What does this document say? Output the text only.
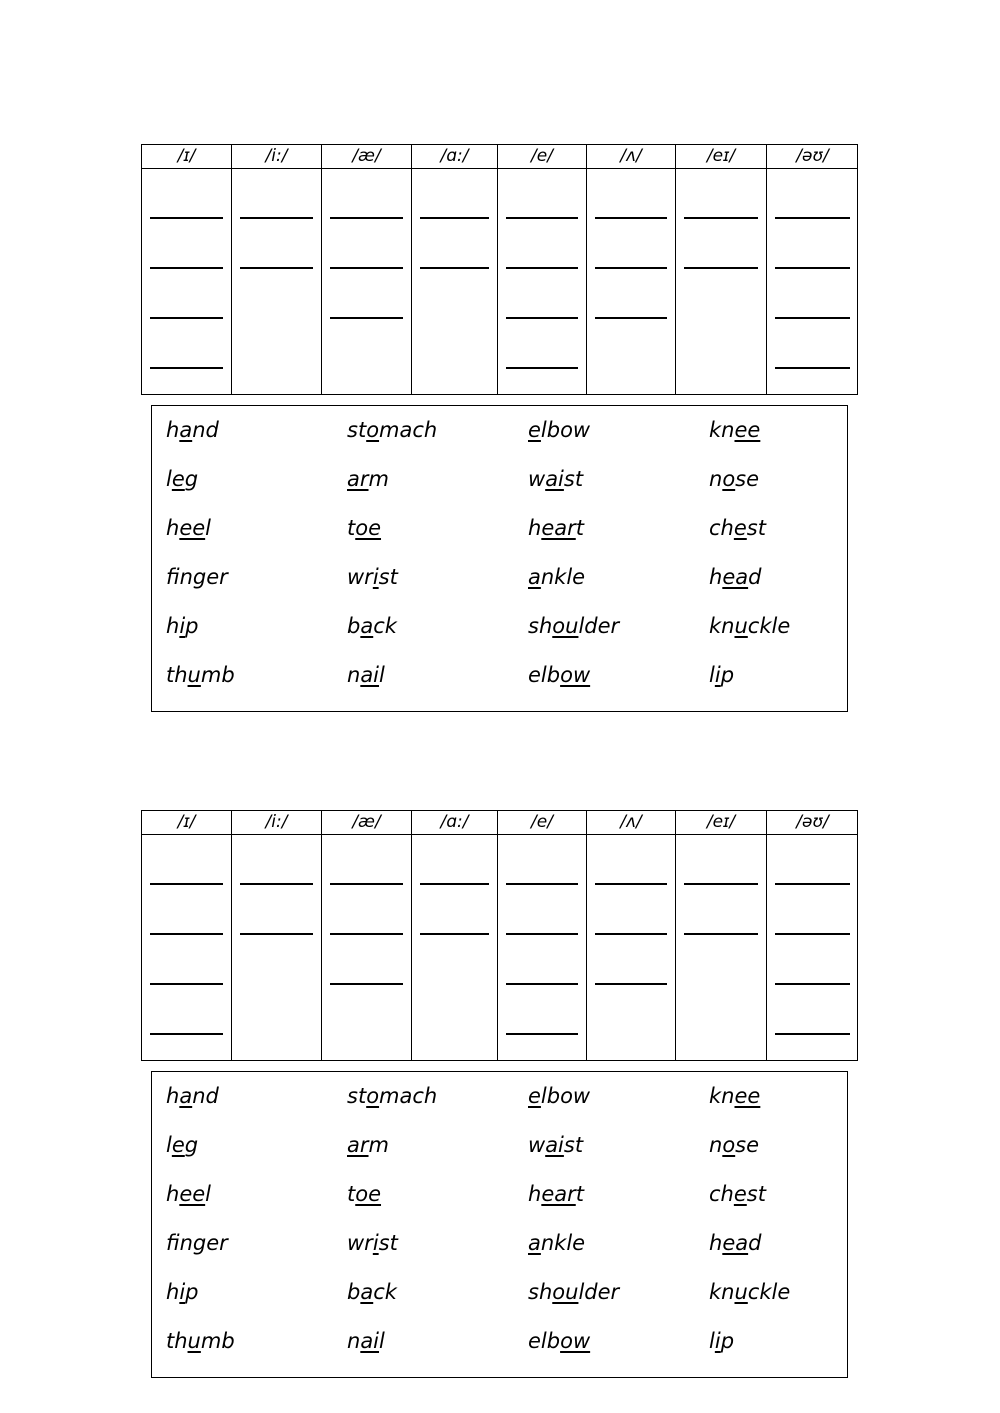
/ɪ/	/i:/	/æ/	/ɑ:/	/e/	/ʌ/	/eɪ/	/əʊ/
hand	stomach	elbow	knee
leg	arm	waist	nose
heel	toe	heart	chest
fnger	wrist	ankle	head
hip	back	shoulder	knuckle
thumb	nail	elbow	lip
/ɪ/	/i:/	/æ/	/ɑ:/	/e/	/ʌ/	/eɪ/	/əʊ/
hand	stomach	elbow	knee
leg	arm	waist	nose
heel	toe	heart	chest
fnger	wrist	ankle	head
hip	back	shoulder	knuckle
thumb	nail	elbow	lip
